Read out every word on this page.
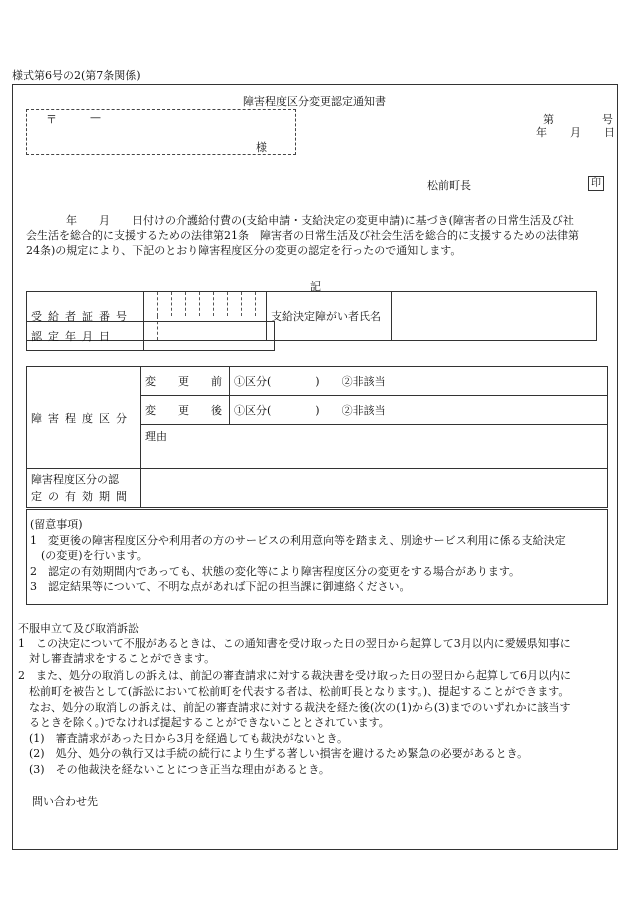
様式第6号の2(第7条関係)
障害程度区分変更認定通知書
〒	—
様
第	号
年 月 日
松前町長	印
年　　月　　日付けの介護給付費の(支給申請・支給決定の変更申請)に基づき(障害者の日常生活及び社
会生活を総合的に支援するための法律第21条　障害者の日常生活及び社会生活を総合的に支援するための法律第
24条)の規定により、下記のとおり障害程度区分の変更の認定を行ったので通知します。
記
受給者証番号		支給決定障がい者氏名	
認定年月日	
障害程度区分	変　　更　　前	①区分(　　　　)　　②非該当
	変　　更　　後	①区分(　　　　)　　②非該当
	理由	

障害程度区分の認
定の有効期間		

(留意事項)
1　変更後の障害程度区分や利用者の方のサービスの利用意向等を踏まえ、別途サービス利用に係る支給決定
　(の変更)を行います。
2　認定の有効期間内であっても、状態の変化等により障害程度区分の変更をする場合があります。
3　認定結果等について、不明な点があれば下記の担当課に御連絡ください。
不服申立て及び取消訴訟
1　この決定について不服があるときは、この通知書を受け取った日の翌日から起算して3月以内に愛媛県知事に
　対し審査請求をすることができます。
2　また、処分の取消しの訴えは、前記の審査請求に対する裁決書を受け取った日の翌日から起算して6月以内に
　松前町を被告として(訴訟において松前町を代表する者は、松前町長となります。)、提起することができます。
　なお、処分の取消しの訴えは、前記の審査請求に対する裁決を経た後(次の(1)から(3)までのいずれかに該当す
　るときを除く。)でなければ提起することができないこととされています。
　(1)　審査請求があった日から3月を経過しても裁決がないとき。
　(2)　処分、処分の執行又は手続の続行により生ずる著しい損害を避けるため緊急の必要があるとき。
　(3)　その他裁決を経ないことにつき正当な理由があるとき。
問い合わせ先
